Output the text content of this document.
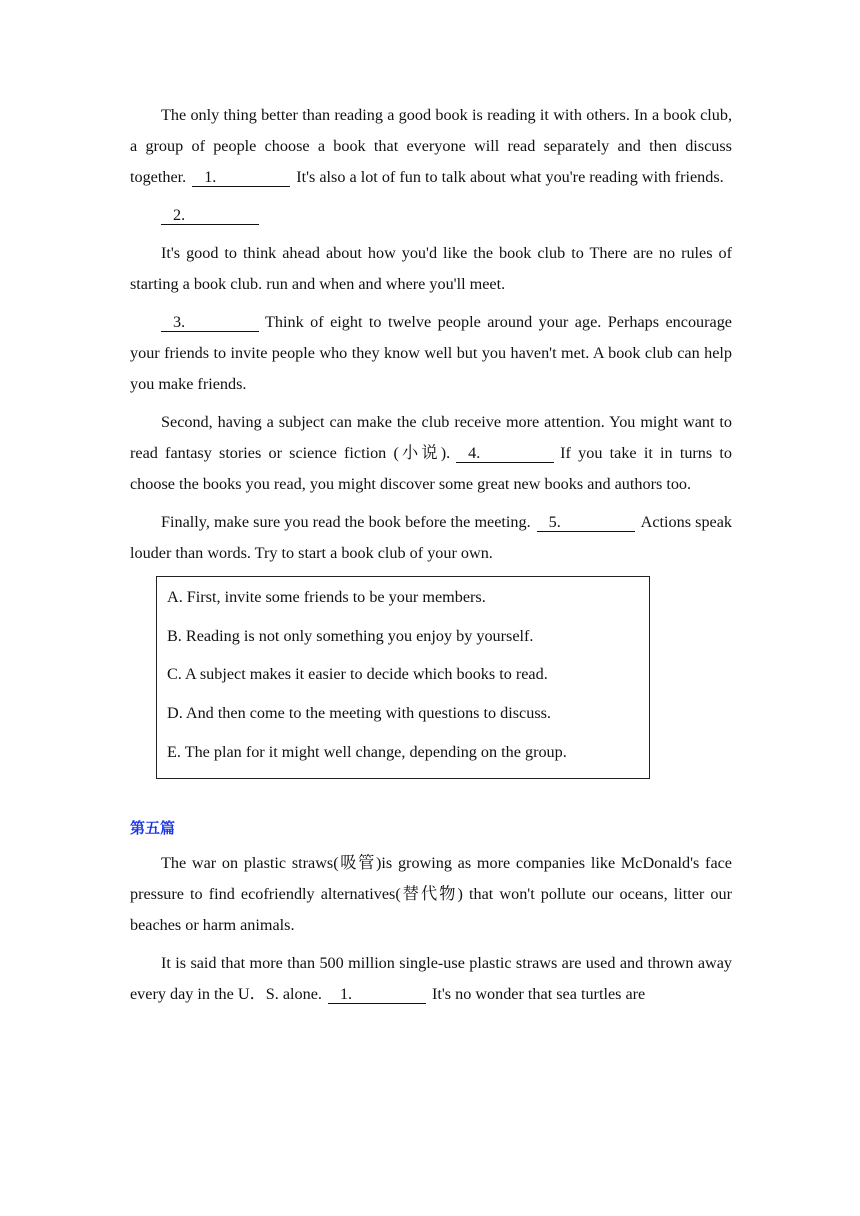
The only thing better than reading a good book is reading it with others. In a book club, a group of people choose a book that everyone will read separately and then discuss together. 1.	It's also a lot of fun to talk about what you're reading with friends.

2.

It's good to think ahead about how you'd like the book club to There are no rules of starting a book club. run and when and where you'll meet.

3.	Think of eight to twelve people around your age. Perhaps encourage your friends to invite people who they know well but you haven't met. A book club can help you make friends.

Second, having a subject can make the club receive more attention. You might want to read fantasy stories or science fiction (小说). 4.	If you take it in turns to choose the books you read, you might discover some great new books and authors too.

Finally, make sure you read the book before the meeting. 5.	Actions speak louder than words. Try to start a book club of your own.

A. First, invite some friends to be your members.
B. Reading is not only something you enjoy by yourself.
C. A subject makes it easier to decide which books to read.
D. And then come to the meeting with questions to discuss.
E. The plan for it might well change, depending on the group.
第五篇

The war on plastic straws(吸管)is growing as more companies like McDonald's face pressure to find ecofriendly alternatives(替代物) that won't pollute our oceans, litter our beaches or harm animals.

It is said that more than 500 million single-use plastic straws are used and thrown away every day in the U．S. alone. 1.	It's no wonder that sea turtles are
